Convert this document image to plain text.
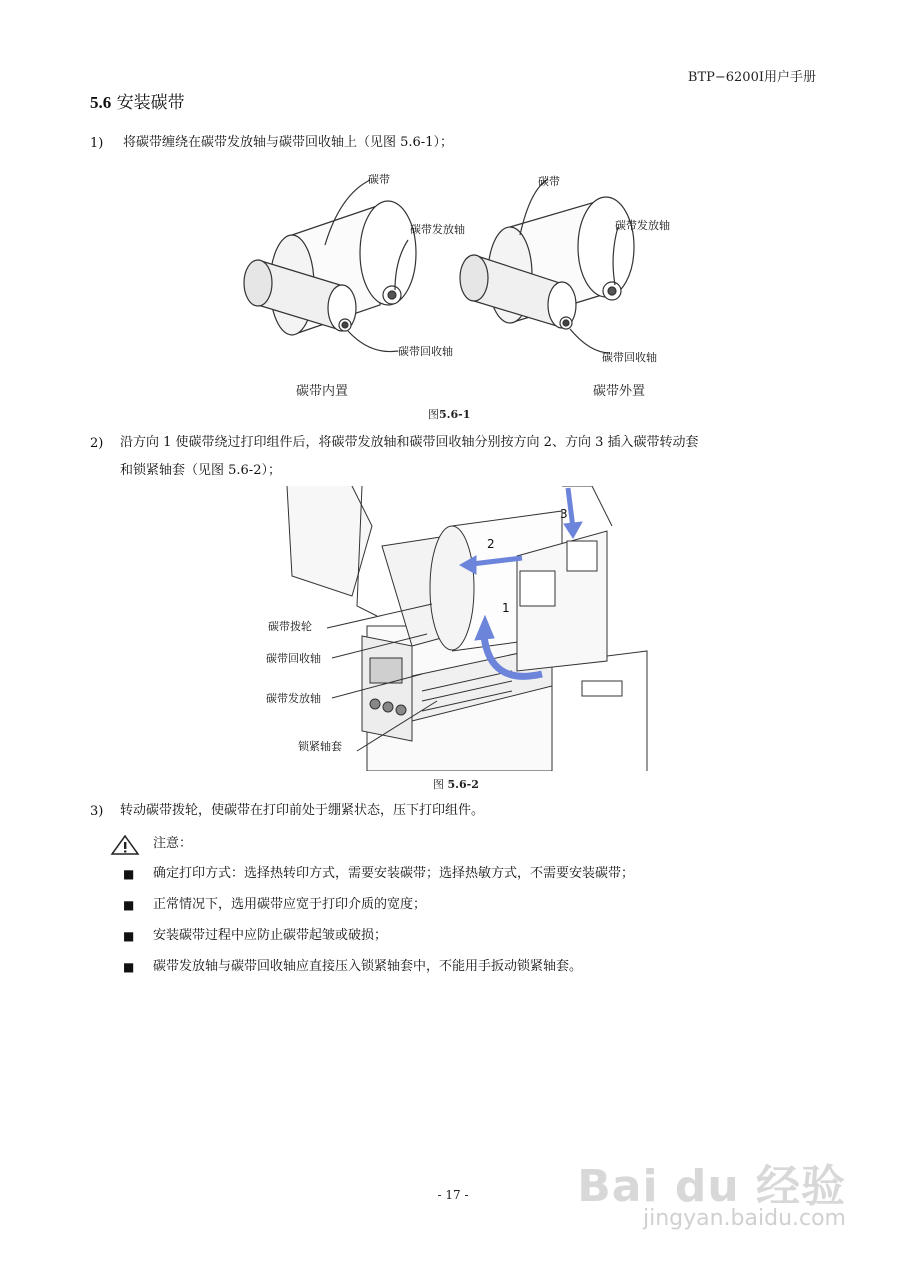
BTP−6200I用户手册
5.6 安装碳带
1) 将碳带缠绕在碳带发放轴与碳带回收轴上（见图 5.6-1）；
碳带
碳带发放轴
碳带回收轴
碳带
碳带发放轴
碳带回收轴
碳带内置	碳带外置
图5.6-1
2) 沿方向 1 使碳带绕过打印组件后，将碳带发放轴和碳带回收轴分别按方向 2、方向 3 插入碳带转动套
和锁紧轴套（见图 5.6-2）；
2
3
1
碳带拨轮
碳带回收轴
碳带发放轴
锁紧轴套
图 5.6-2
3) 转动碳带拨轮，使碳带在打印前处于绷紧状态，压下打印组件。
注意：
■ 确定打印方式：选择热转印方式，需要安装碳带；选择热敏方式，不需要安装碳带；
■ 正常情况下，选用碳带应宽于打印介质的宽度；
■ 安装碳带过程中应防止碳带起皱或破损；
■ 碳带发放轴与碳带回收轴应直接压入锁紧轴套中，不能用手扳动锁紧轴套。
- 17 -	Bai du 经验
jingyan.baidu.com
